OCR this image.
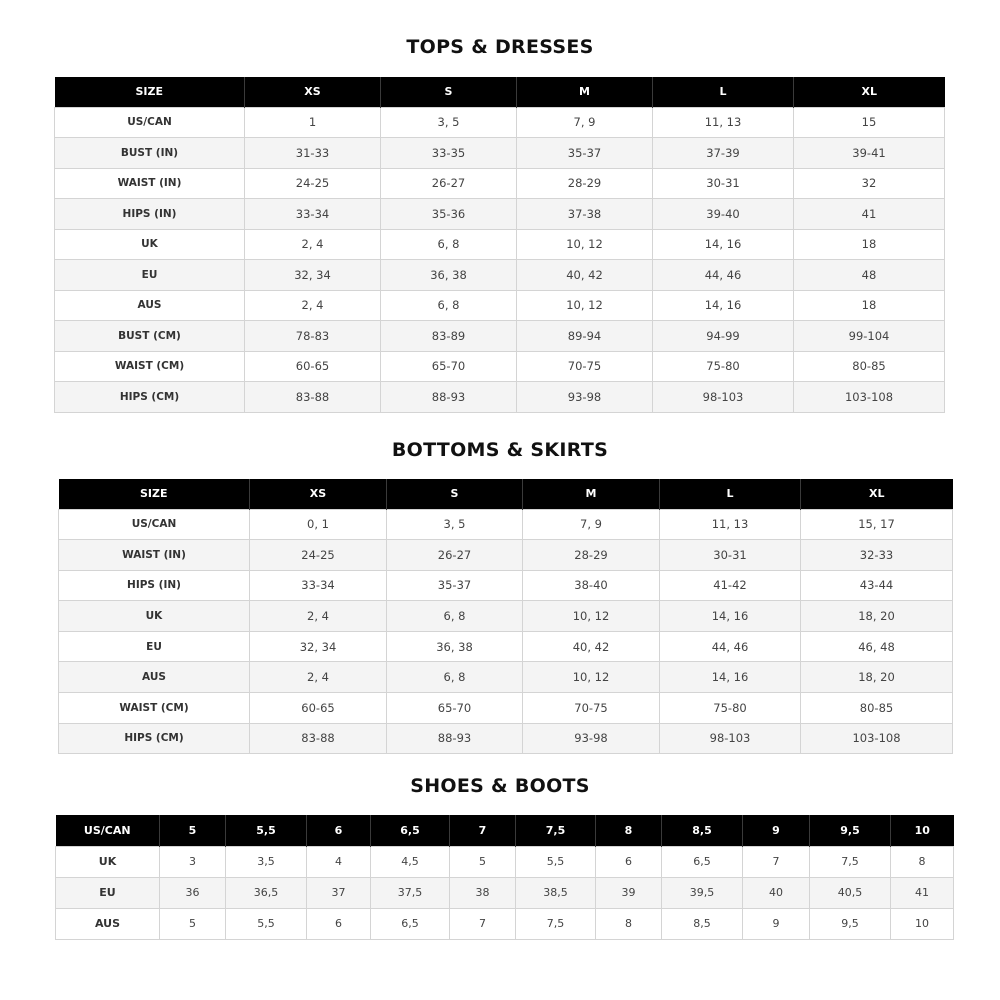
TOPS & DRESSES
SIZE	XS	S	M	L	XL
US/CAN	1	3, 5	7, 9	11, 13	15
BUST (IN)	31-33	33-35	35-37	37-39	39-41
WAIST (IN)	24-25	26-27	28-29	30-31	32
HIPS (IN)	33-34	35-36	37-38	39-40	41
UK	2, 4	6, 8	10, 12	14, 16	18
EU	32, 34	36, 38	40, 42	44, 46	48
AUS	2, 4	6, 8	10, 12	14, 16	18
BUST (CM)	78-83	83-89	89-94	94-99	99-104
WAIST (CM)	60-65	65-70	70-75	75-80	80-85
HIPS (CM)	83-88	88-93	93-98	98-103	103-108
BOTTOMS & SKIRTS
SIZE	XS	S	M	L	XL
US/CAN	0, 1	3, 5	7, 9	11, 13	15, 17
WAIST (IN)	24-25	26-27	28-29	30-31	32-33
HIPS (IN)	33-34	35-37	38-40	41-42	43-44
UK	2, 4	6, 8	10, 12	14, 16	18, 20
EU	32, 34	36, 38	40, 42	44, 46	46, 48
AUS	2, 4	6, 8	10, 12	14, 16	18, 20
WAIST (CM)	60-65	65-70	70-75	75-80	80-85
HIPS (CM)	83-88	88-93	93-98	98-103	103-108
SHOES & BOOTS
US/CAN	5	5,5	6	6,5	7	7,5	8	8,5	9	9,5	10
UK	3	3,5	4	4,5	5	5,5	6	6,5	7	7,5	8
EU	36	36,5	37	37,5	38	38,5	39	39,5	40	40,5	41
AUS	5	5,5	6	6,5	7	7,5	8	8,5	9	9,5	10
